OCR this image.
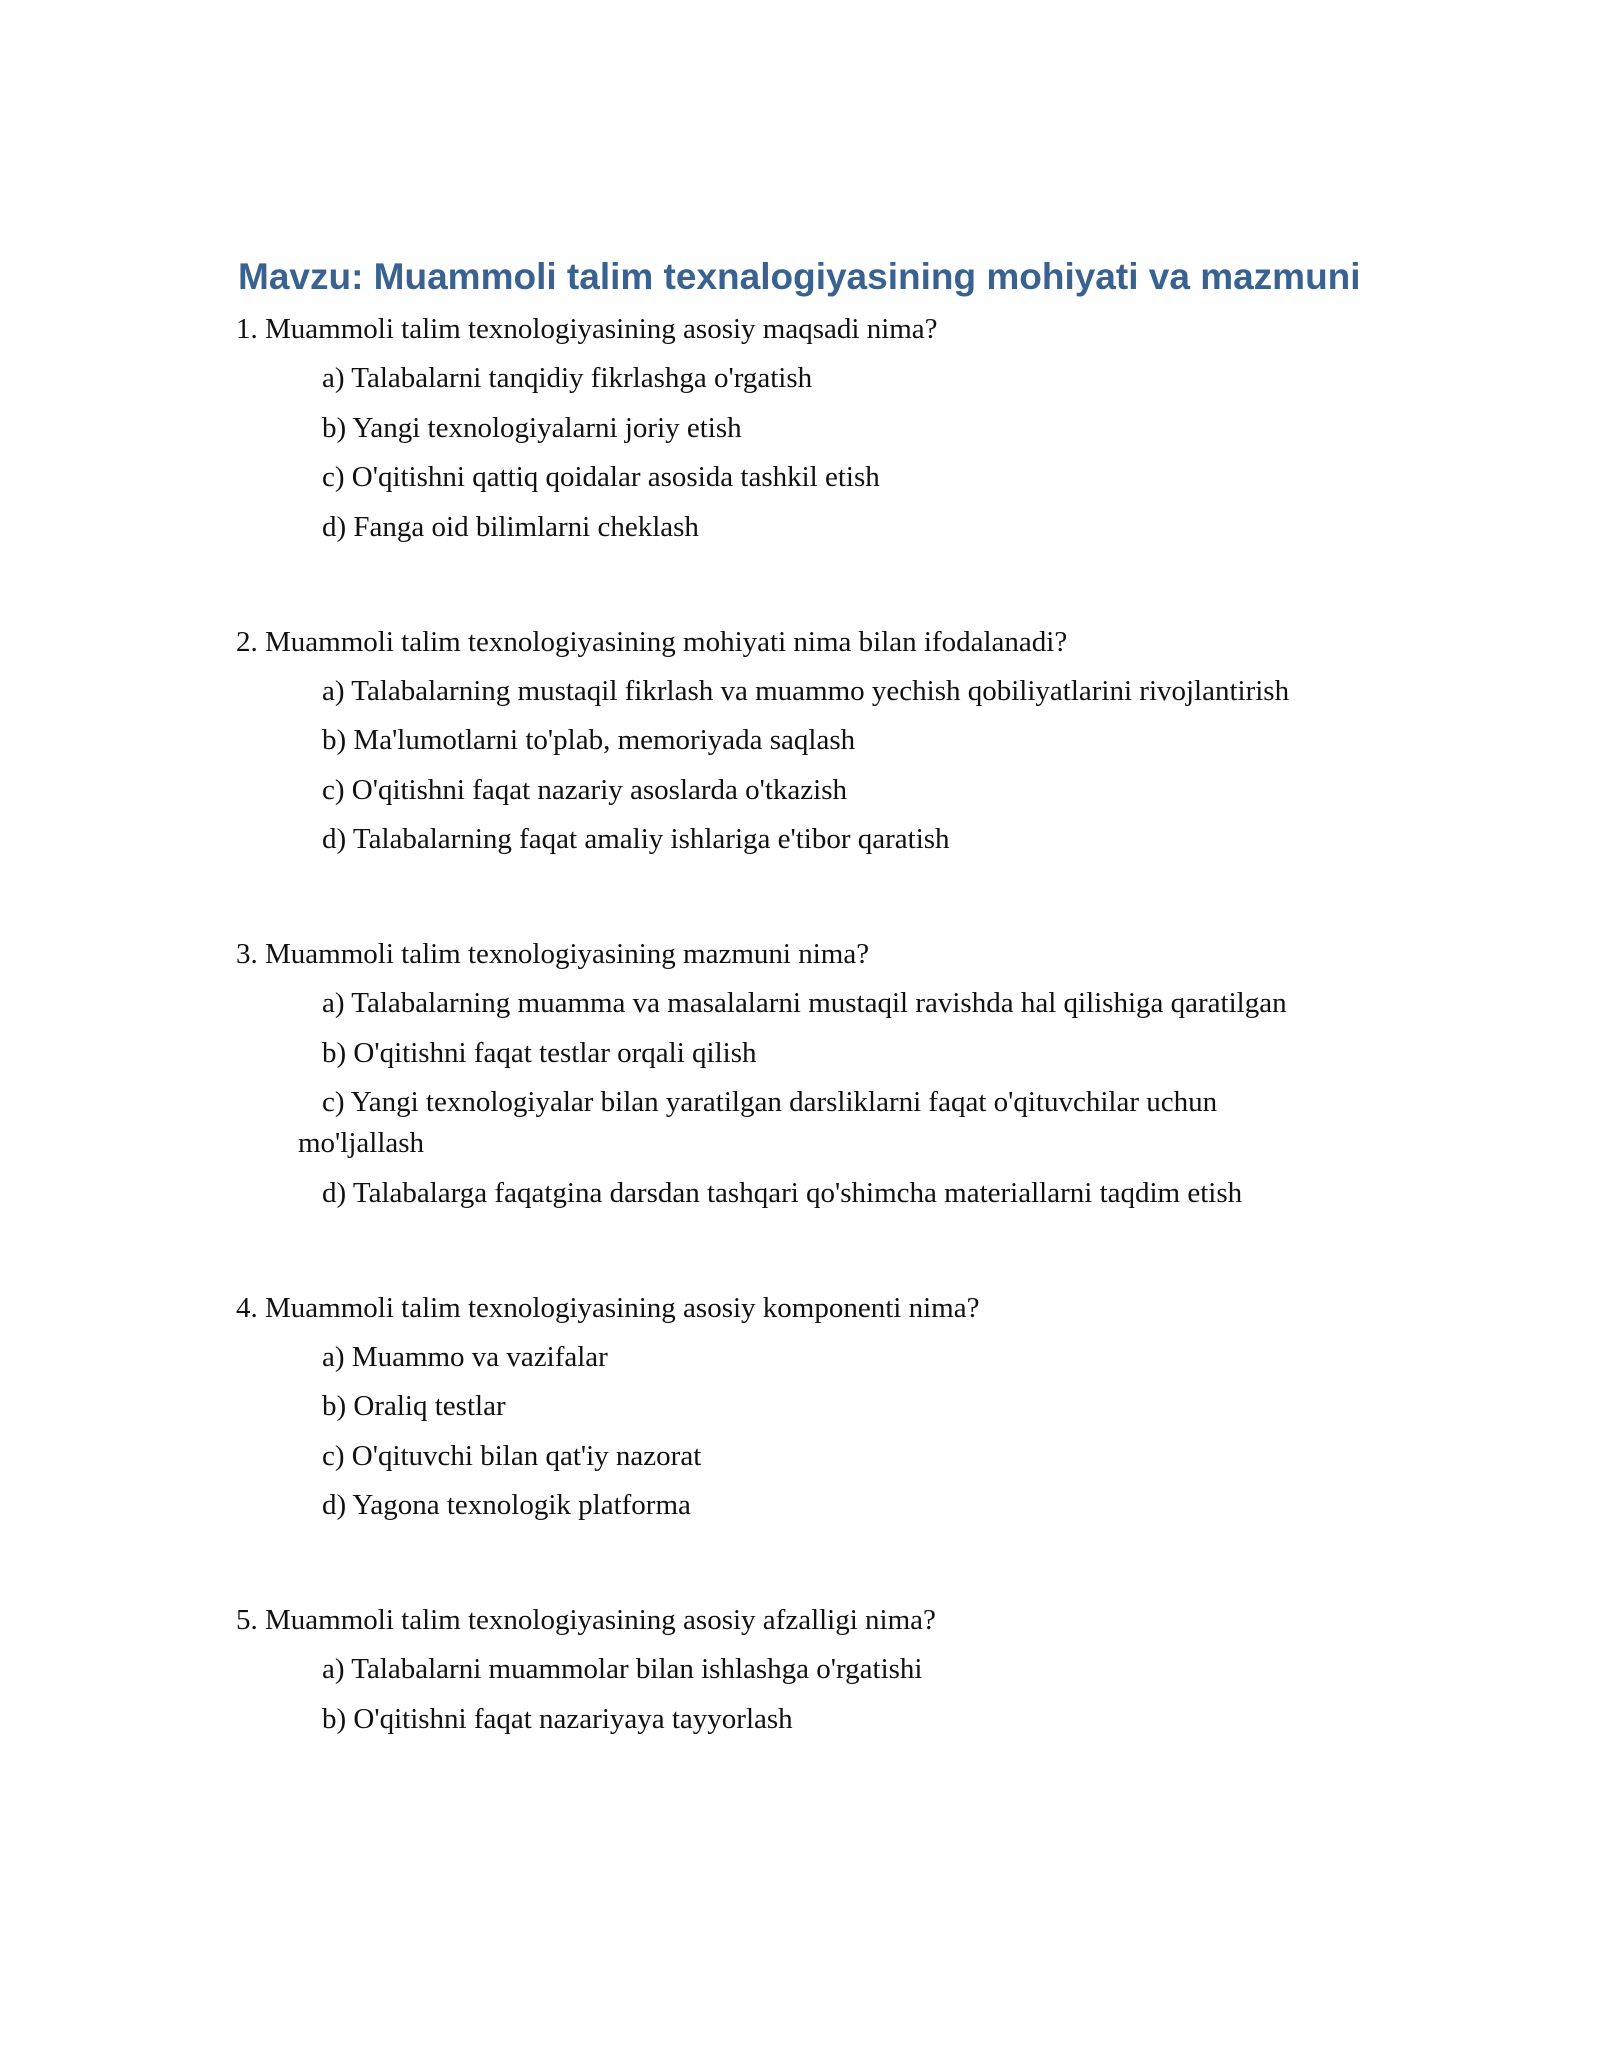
Mavzu: Muammoli talim texnalogiyasining mohiyati va mazmuni

1. Muammoli talim texnologiyasining asosiy maqsadi nima?

a) Talabalarni tanqidiy fikrlashga o'rgatish
b) Yangi texnologiyalarni joriy etish
c) O'qitishni qattiq qoidalar asosida tashkil etish
d) Fanga oid bilimlarni cheklash

2. Muammoli talim texnologiyasining mohiyati nima bilan ifodalanadi?

a) Talabalarning mustaqil fikrlash va muammo yechish qobiliyatlarini rivojlantirish
b) Ma'lumotlarni to'plab, memoriyada saqlash
c) O'qitishni faqat nazariy asoslarda o'tkazish
d) Talabalarning faqat amaliy ishlariga e'tibor qaratish

3. Muammoli talim texnologiyasining mazmuni nima?

a) Talabalarning muamma va masalalarni mustaqil ravishda hal qilishiga qaratilgan
b) O'qitishni faqat testlar orqali qilish
c) Yangi texnologiyalar bilan yaratilgan darsliklarni faqat o'qituvchilar uchun mo'ljallash
d) Talabalarga faqatgina darsdan tashqari qo'shimcha materiallarni taqdim etish

4. Muammoli talim texnologiyasining asosiy komponenti nima?

a) Muammo va vazifalar
b) Oraliq testlar
c) O'qituvchi bilan qat'iy nazorat
d) Yagona texnologik platforma

5. Muammoli talim texnologiyasining asosiy afzalligi nima?

a) Talabalarni muammolar bilan ishlashga o'rgatishi
b) O'qitishni faqat nazariyaya tayyorlash
